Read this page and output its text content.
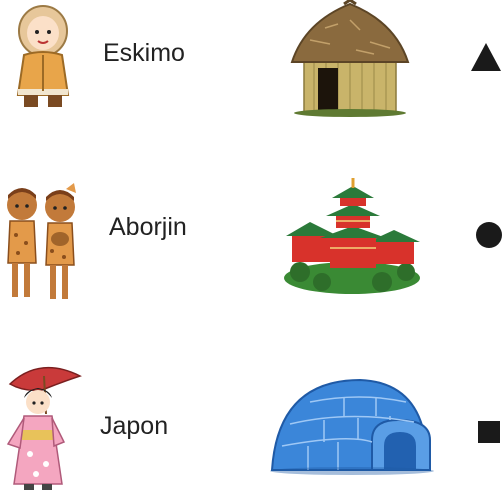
Eskimo
Aborjin
Japon
